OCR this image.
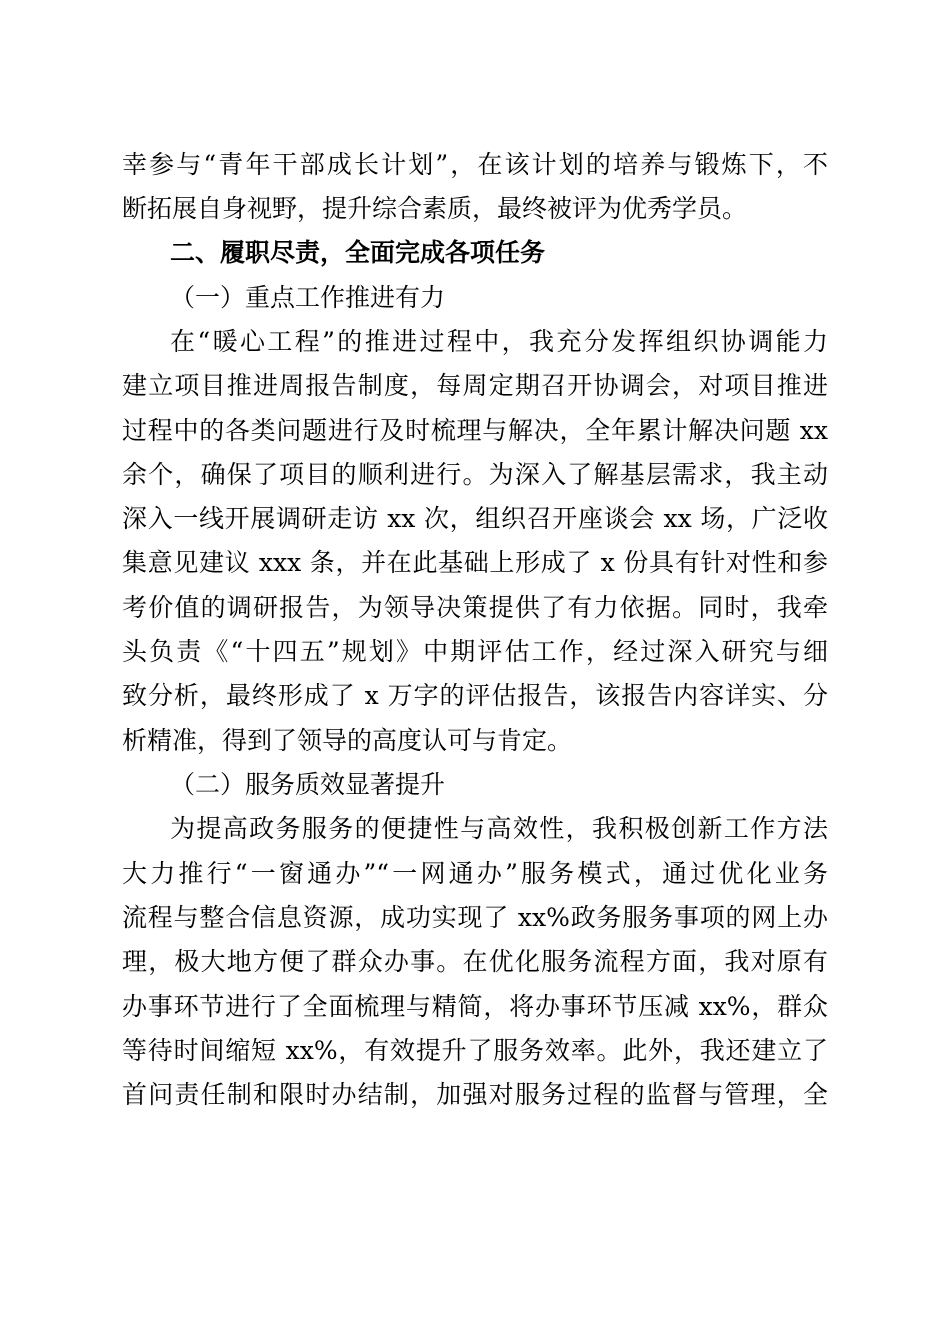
幸参与“青年干部成长计划”，在该计划的培养与锻炼下，不
断拓展自身视野，提升综合素质，最终被评为优秀学员。
二、履职尽责，全面完成各项任务
（一）重点工作推进有力
在“暖心工程”的推进过程中，我充分发挥组织协调能力
建立项目推进周报告制度，每周定期召开协调会，对项目推进
过程中的各类问题进行及时梳理与解决，全年累计解决问题 xx
余个，确保了项目的顺利进行。为深入了解基层需求，我主动
深入一线开展调研走访 xx 次，组织召开座谈会 xx 场，广泛收
集意见建议 xxx 条，并在此基础上形成了 x 份具有针对性和参
考价值的调研报告，为领导决策提供了有力依据。同时，我牵
头负责《“十四五”规划》中期评估工作，经过深入研究与细
致分析，最终形成了 x 万字的评估报告，该报告内容详实、分
析精准，得到了领导的高度认可与肯定。
（二）服务质效显著提升
为提高政务服务的便捷性与高效性，我积极创新工作方法
大力推行“一窗通办”“一网通办”服务模式，通过优化业务
流程与整合信息资源，成功实现了 xx%政务服务事项的网上办
理，极大地方便了群众办事。在优化服务流程方面，我对原有
办事环节进行了全面梳理与精简，将办事环节压减 xx%，群众
等待时间缩短 xx%，有效提升了服务效率。此外，我还建立了
首问责任制和限时办结制，加强对服务过程的监督与管理，全
